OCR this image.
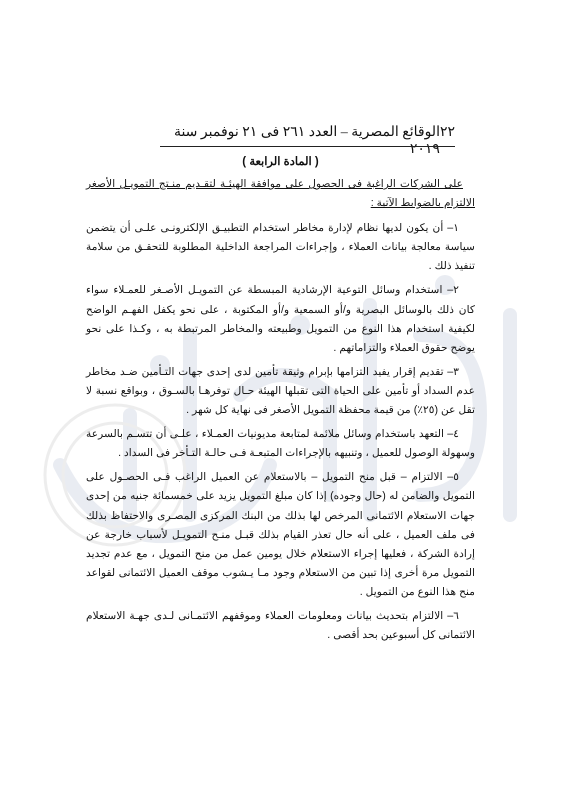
٢٢
الوقائع المصرية – العدد ٢٦١ فى ٢١ نوفمبر سنة ٢٠١٩
( المادة الرابعة )

على الشركات الراغبة فى الحصول على موافقة الهيئـة لتقـديم منـتج التمويـل الأصغر الالتزام بالضوابط الآتية :

١– أن يكون لديها نظام لإدارة مخاطر استخدام التطبيـق الإلكترونـى علـى أن يتضمن سياسة معالجة بيانات العملاء ، وإجراءات المراجعة الداخلية المطلوبة للتحقـق من سلامة تنفيذ ذلك .

٢– استخدام وسائل التوعية الإرشادية المبسطة عن التمويـل الأصـغر للعمـلاء سواء كان ذلك بالوسائل البصرية و/أو السمعية و/أو المكتوبة ، على نحو يكفل الفهـم الواضح لكيفية استخدام هذا النوع من التمويل وطبيعته والمخاطر المرتبطة به ، وكـذا على نحو يوضح حقوق العملاء والتزاماتهم .

٣– تقديم إقرار يفيد التزامها بإبرام وثيقة تأمين لدى إحدى جهات التـأمين ضـد مخاطر عدم السداد أو تأمين على الحياة التى تقبلها الهيئة حـال توفرهـا بالسـوق ، وبواقع نسبة لا تقل عن (٢٥٪) من قيمة محفظة التمويل الأصغر فى نهاية كل شهر .

٤– التعهد باستخدام وسائل ملائمة لمتابعة مديونيات العمـلاء ، علـى أن تتسـم بالسرعة وسهولة الوصول للعميل ، وتنبيهه بالإجراءات المتبعـة فـى حالـة التـأخر فى السداد .

٥– الالتزام – قبل منح التمويل – بالاستعلام عن العميل الراغب فـى الحصـول على التمويل والضامن له (حال وجوده) إذا كان مبلغ التمويل يزيد على خمسمائة جنيه من إحدى جهات الاستعلام الائتمانى المرخص لها بذلك من البنك المركزى المصـرى والاحتفاظ بذلك فى ملف العميل ، على أنه حال تعذر القيام بذلك قبـل منـح التمويـل لأسباب خارجة عن إرادة الشركة ، فعليها إجراء الاستعلام خلال يومين عمل من منح التمويل ، مع عدم تجديد التمويل مرة أخرى إذا تبين من الاستعلام وجود مـا يـشوب موقف العميل الائتمانى لقواعد منح هذا النوع من التمويل .

٦– الالتزام بتحديث بيانات ومعلومات العملاء وموقفهم الائتمـانى لـدى جهـة الاستعلام الائتمانى كل أسبوعين بحد أقصى .
